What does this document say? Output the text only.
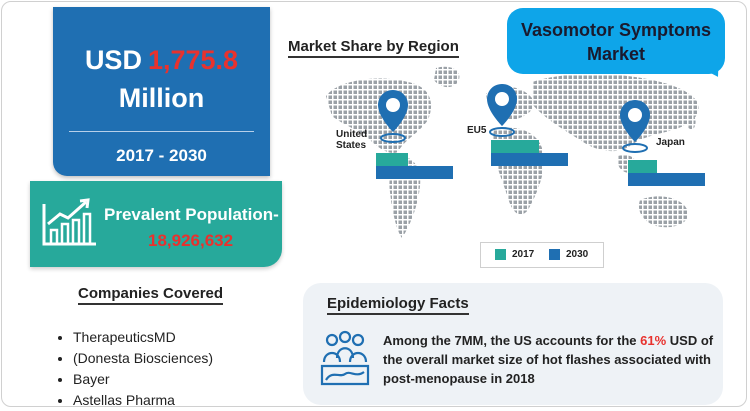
USD 1,775.8
Million
2017 - 2030
Prevalent Population-
18,926,632
Companies Covered
• TherapeuticsMD
• (Donesta Biosciences)
• Bayer
• Astellas Pharma
Market Share by Region
United States
EU5
Japan
2017	2030
Vasomotor Symptoms
Market
Epidemiology Facts
Among the 7MM, the US accounts for the 61% USD of the overall market size of hot flashes associated with post-menopause in 2018
